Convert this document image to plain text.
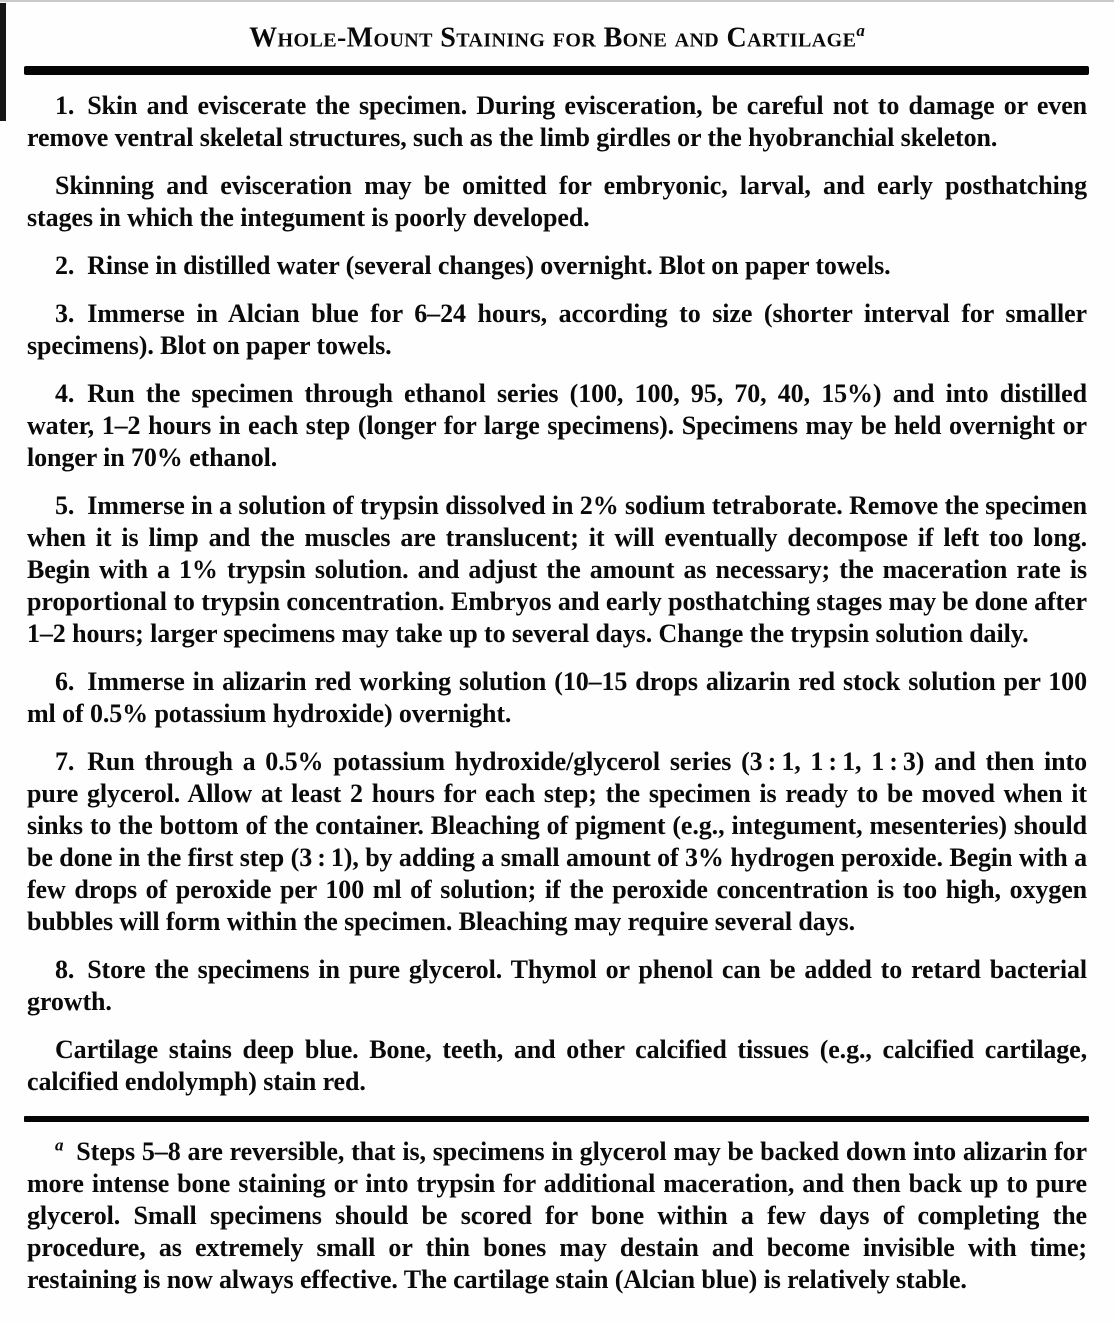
Whole-Mount Staining for Bone and Cartilage$^a$

1. Skin and eviscerate the specimen. During evisceration, be careful not to damage or even remove ventral skeletal structures, such as the limb girdles or the hyobranchial skeleton.

Skinning and evisceration may be omitted for embryonic, larval, and early posthatching stages in which the integument is poorly developed.

2. Rinse in distilled water (several changes) overnight. Blot on paper towels.

3. Immerse in Alcian blue for 6–24 hours, according to size (shorter interval for smaller specimens). Blot on paper towels.

4. Run the specimen through ethanol series (100, 100, 95, 70, 40, 15%) and into distilled water, 1–2 hours in each step (longer for large specimens). Specimens may be held overnight or longer in 70% ethanol.

5. Immerse in a solution of trypsin dissolved in 2% sodium tetraborate. Remove the specimen when it is limp and the muscles are translucent; it will eventually decompose if left too long. Begin with a 1% trypsin solution. and adjust the amount as necessary; the maceration rate is proportional to trypsin concentration. Embryos and early posthatching stages may be done after 1–2 hours; larger specimens may take up to several days. Change the trypsin solution daily.

6. Immerse in alizarin red working solution (10–15 drops alizarin red stock solution per 100 ml of 0.5% potassium hydroxide) overnight.

7. Run through a 0.5% potassium hydroxide/glycerol series (3 : 1, 1 : 1, 1 : 3) and then into pure glycerol. Allow at least 2 hours for each step; the specimen is ready to be moved when it sinks to the bottom of the container. Bleaching of pigment (e.g., integument, mesenteries) should be done in the first step (3 : 1), by adding a small amount of 3% hydrogen peroxide. Begin with a few drops of peroxide per 100 ml of solution; if the peroxide concentration is too high, oxygen bubbles will form within the specimen. Bleaching may require several days.

8. Store the specimens in pure glycerol. Thymol or phenol can be added to retard bacterial growth.

Cartilage stains deep blue. Bone, teeth, and other calcified tissues (e.g., calcified cartilage, calcified endolymph) stain red.

$^a$ Steps 5–8 are reversible, that is, specimens in glycerol may be backed down into alizarin for more intense bone staining or into trypsin for additional maceration, and then back up to pure glycerol. Small specimens should be scored for bone within a few days of completing the procedure, as extremely small or thin bones may destain and become invisible with time; restaining is now always effective. The cartilage stain (Alcian blue) is relatively stable.
